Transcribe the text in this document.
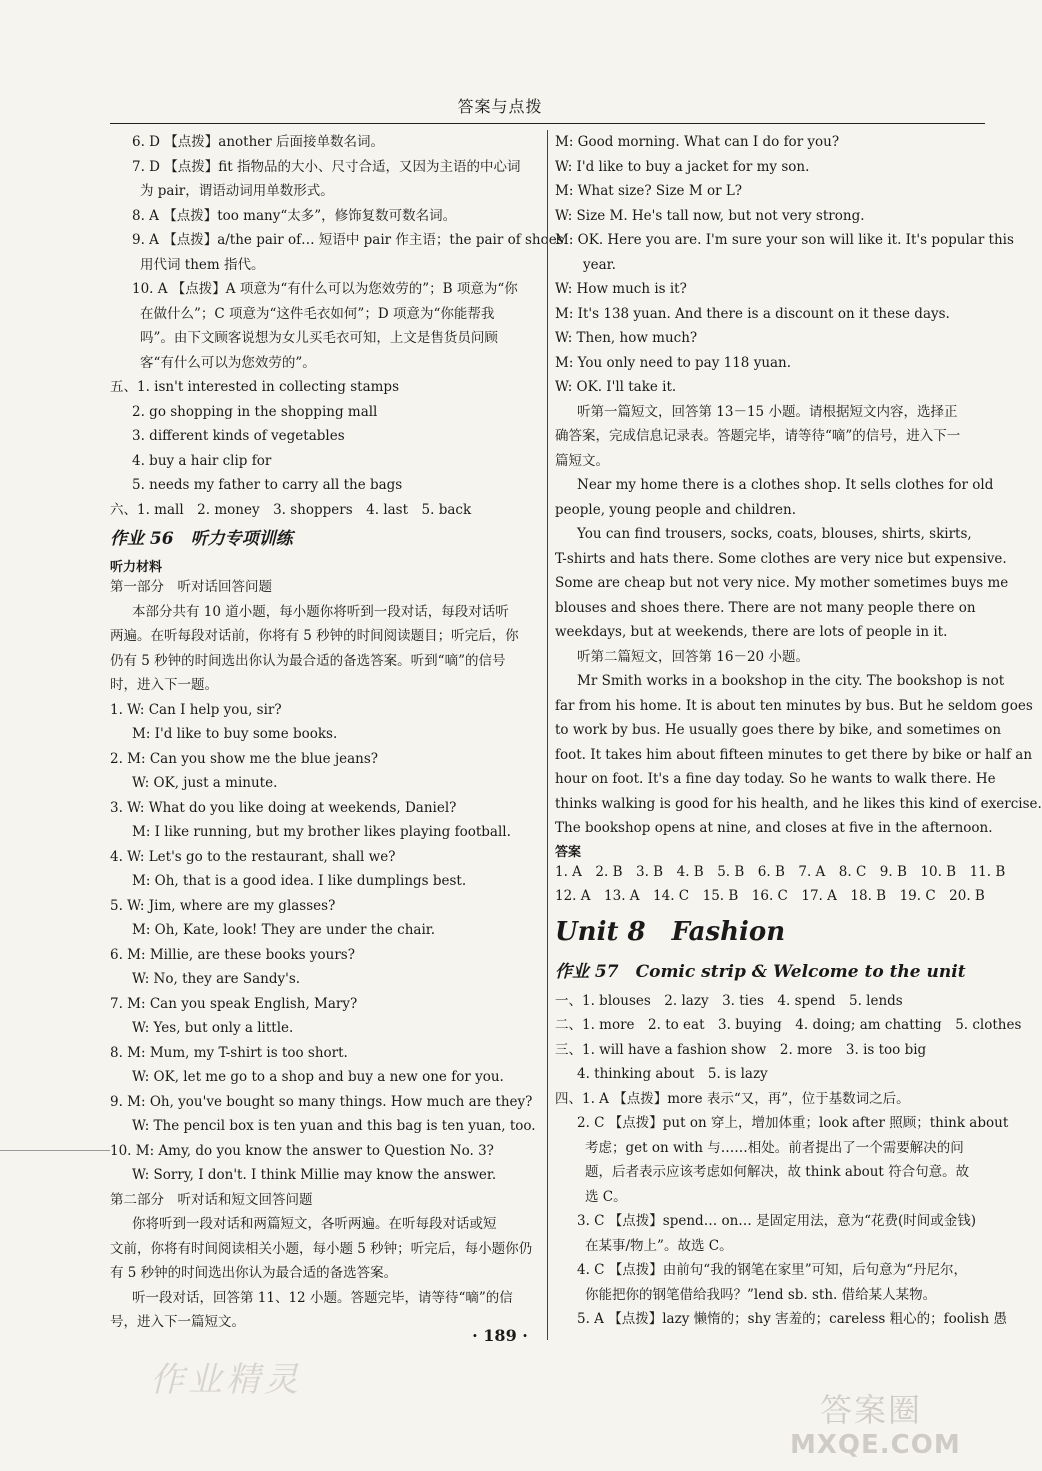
答案与点拨
6. D 【点拨】another 后面接单数名词。
7. D 【点拨】fit 指物品的大小、尺寸合适，又因为主语的中心词
为 pair，谓语动词用单数形式。
8. A 【点拨】too many“太多”，修饰复数可数名词。
9. A 【点拨】a/the pair of… 短语中 pair 作主语；the pair of shoes
用代词 them 指代。
10. A 【点拨】A 项意为“有什么可以为您效劳的”；B 项意为“你
在做什么”；C 项意为“这件毛衣如何”；D 项意为“你能帮我
吗”。由下文顾客说想为女儿买毛衣可知，上文是售货员问顾
客“有什么可以为您效劳的”。
五、1. isn't interested in collecting stamps
2. go shopping in the shopping mall
3. different kinds of vegetables
4. buy a hair clip for
5. needs my father to carry all the bags
六、1. mall　2. money　3. shoppers　4. last　5. back
作业 56　听力专项训练
听力材料
第一部分　听对话回答问题
本部分共有 10 道小题，每小题你将听到一段对话，每段对话听
两遍。在听每段对话前，你将有 5 秒钟的时间阅读题目；听完后，你
仍有 5 秒钟的时间选出你认为最合适的备选答案。听到“嘀”的信号
时，进入下一题。
1. W: Can I help you, sir?
M: I'd like to buy some books.
2. M: Can you show me the blue jeans?
W: OK, just a minute.
3. W: What do you like doing at weekends, Daniel?
M: I like running, but my brother likes playing football.
4. W: Let's go to the restaurant, shall we?
M: Oh, that is a good idea. I like dumplings best.
5. W: Jim, where are my glasses?
M: Oh, Kate, look! They are under the chair.
6. M: Millie, are these books yours?
W: No, they are Sandy's.
7. M: Can you speak English, Mary?
W: Yes, but only a little.
8. M: Mum, my T-shirt is too short.
W: OK, let me go to a shop and buy a new one for you.
9. M: Oh, you've bought so many things. How much are they?
W: The pencil box is ten yuan and this bag is ten yuan, too.
10. M: Amy, do you know the answer to Question No. 3?
W: Sorry, I don't. I think Millie may know the answer.
第二部分　听对话和短文回答问题
你将听到一段对话和两篇短文，各听两遍。在听每段对话或短
文前，你将有时间阅读相关小题，每小题 5 秒钟；听完后，每小题你仍
有 5 秒钟的时间选出你认为最合适的备选答案。
听一段对话，回答第 11、12 小题。答题完毕，请等待“嘀”的信
号，进入下一篇短文。
M: Good morning. What can I do for you?
W: I'd like to buy a jacket for my son.
M: What size? Size M or L?
W: Size M. He's tall now, but not very strong.
M: OK. Here you are. I'm sure your son will like it. It's popular this
year.
W: How much is it?
M: It's 138 yuan. And there is a discount on it these days.
W: Then, how much?
M: You only need to pay 118 yuan.
W: OK. I'll take it.
听第一篇短文，回答第 13－15 小题。请根据短文内容，选择正
确答案，完成信息记录表。答题完毕，请等待“嘀”的信号，进入下一
篇短文。
Near my home there is a clothes shop. It sells clothes for old
people, young people and children.
You can find trousers, socks, coats, blouses, shirts, skirts,
T-shirts and hats there. Some clothes are very nice but expensive.
Some are cheap but not very nice. My mother sometimes buys me
blouses and shoes there. There are not many people there on
weekdays, but at weekends, there are lots of people in it.
听第二篇短文，回答第 16－20 小题。
Mr Smith works in a bookshop in the city. The bookshop is not
far from his home. It is about ten minutes by bus. But he seldom goes
to work by bus. He usually goes there by bike, and sometimes on
foot. It takes him about fifteen minutes to get there by bike or half an
hour on foot. It's a fine day today. So he wants to walk there. He
thinks walking is good for his health, and he likes this kind of exercise.
The bookshop opens at nine, and closes at five in the afternoon.
答案
1. A　2. B　3. B　4. B　5. B　6. B　7. A　8. C　9. B　10. B　11. B
12. A　13. A　14. C　15. B　16. C　17. A　18. B　19. C　20. B
Unit 8　Fashion
作业 57　Comic strip & Welcome to the unit
一、1. blouses　2. lazy　3. ties　4. spend　5. lends
二、1. more　2. to eat　3. buying　4. doing; am chatting　5. clothes
三、1. will have a fashion show　2. more　3. is too big
4. thinking about　5. is lazy
四、1. A 【点拨】more 表示“又，再”，位于基数词之后。
2. C 【点拨】put on 穿上，增加体重；look after 照顾；think about
考虑；get on with 与……相处。前者提出了一个需要解决的问
题，后者表示应该考虑如何解决，故 think about 符合句意。故
选 C。
3. C 【点拨】spend… on… 是固定用法，意为“花费(时间或金钱)
在某事/物上”。故选 C。
4. C 【点拨】由前句“我的钢笔在家里”可知，后句意为“丹尼尔，
你能把你的钢笔借给我吗？”lend sb. sth. 借给某人某物。
5. A 【点拨】lazy 懒惰的；shy 害羞的；careless 粗心的；foolish 愚
· 189 ·
作业精灵
答案圈
MXQE.COM
